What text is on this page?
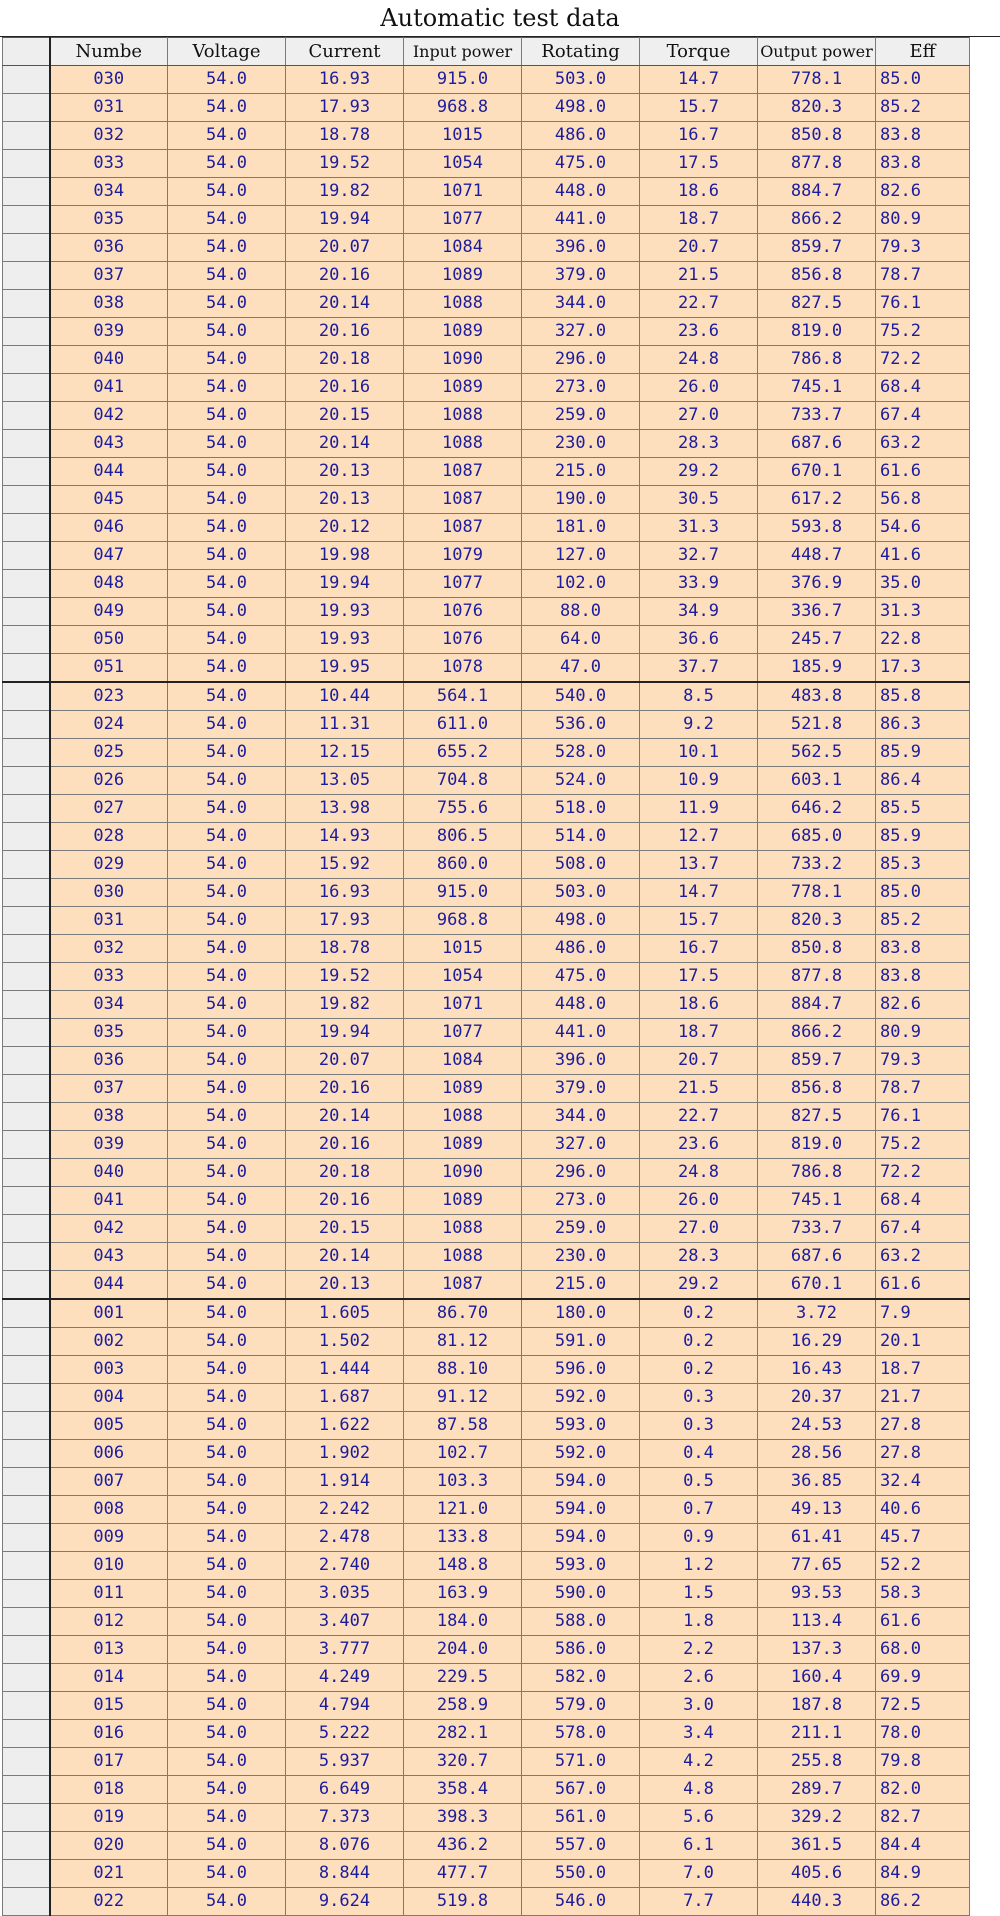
Automatic test data
	Numbe	Voltage	Current	Input power	Rotating	Torque	Output power	Eff
	030	54.0	16.93	915.0	503.0	14.7	778.1	85.0
	031	54.0	17.93	968.8	498.0	15.7	820.3	85.2
	032	54.0	18.78	1015	486.0	16.7	850.8	83.8
	033	54.0	19.52	1054	475.0	17.5	877.8	83.8
	034	54.0	19.82	1071	448.0	18.6	884.7	82.6
	035	54.0	19.94	1077	441.0	18.7	866.2	80.9
	036	54.0	20.07	1084	396.0	20.7	859.7	79.3
	037	54.0	20.16	1089	379.0	21.5	856.8	78.7
	038	54.0	20.14	1088	344.0	22.7	827.5	76.1
	039	54.0	20.16	1089	327.0	23.6	819.0	75.2
	040	54.0	20.18	1090	296.0	24.8	786.8	72.2
	041	54.0	20.16	1089	273.0	26.0	745.1	68.4
	042	54.0	20.15	1088	259.0	27.0	733.7	67.4
	043	54.0	20.14	1088	230.0	28.3	687.6	63.2
	044	54.0	20.13	1087	215.0	29.2	670.1	61.6
	045	54.0	20.13	1087	190.0	30.5	617.2	56.8
	046	54.0	20.12	1087	181.0	31.3	593.8	54.6
	047	54.0	19.98	1079	127.0	32.7	448.7	41.6
	048	54.0	19.94	1077	102.0	33.9	376.9	35.0
	049	54.0	19.93	1076	88.0	34.9	336.7	31.3
	050	54.0	19.93	1076	64.0	36.6	245.7	22.8
	051	54.0	19.95	1078	47.0	37.7	185.9	17.3
	023	54.0	10.44	564.1	540.0	8.5	483.8	85.8
	024	54.0	11.31	611.0	536.0	9.2	521.8	86.3
	025	54.0	12.15	655.2	528.0	10.1	562.5	85.9
	026	54.0	13.05	704.8	524.0	10.9	603.1	86.4
	027	54.0	13.98	755.6	518.0	11.9	646.2	85.5
	028	54.0	14.93	806.5	514.0	12.7	685.0	85.9
	029	54.0	15.92	860.0	508.0	13.7	733.2	85.3
	030	54.0	16.93	915.0	503.0	14.7	778.1	85.0
	031	54.0	17.93	968.8	498.0	15.7	820.3	85.2
	032	54.0	18.78	1015	486.0	16.7	850.8	83.8
	033	54.0	19.52	1054	475.0	17.5	877.8	83.8
	034	54.0	19.82	1071	448.0	18.6	884.7	82.6
	035	54.0	19.94	1077	441.0	18.7	866.2	80.9
	036	54.0	20.07	1084	396.0	20.7	859.7	79.3
	037	54.0	20.16	1089	379.0	21.5	856.8	78.7
	038	54.0	20.14	1088	344.0	22.7	827.5	76.1
	039	54.0	20.16	1089	327.0	23.6	819.0	75.2
	040	54.0	20.18	1090	296.0	24.8	786.8	72.2
	041	54.0	20.16	1089	273.0	26.0	745.1	68.4
	042	54.0	20.15	1088	259.0	27.0	733.7	67.4
	043	54.0	20.14	1088	230.0	28.3	687.6	63.2
	044	54.0	20.13	1087	215.0	29.2	670.1	61.6
	001	54.0	1.605	86.70	180.0	0.2	3.72	7.9
	002	54.0	1.502	81.12	591.0	0.2	16.29	20.1
	003	54.0	1.444	88.10	596.0	0.2	16.43	18.7
	004	54.0	1.687	91.12	592.0	0.3	20.37	21.7
	005	54.0	1.622	87.58	593.0	0.3	24.53	27.8
	006	54.0	1.902	102.7	592.0	0.4	28.56	27.8
	007	54.0	1.914	103.3	594.0	0.5	36.85	32.4
	008	54.0	2.242	121.0	594.0	0.7	49.13	40.6
	009	54.0	2.478	133.8	594.0	0.9	61.41	45.7
	010	54.0	2.740	148.8	593.0	1.2	77.65	52.2
	011	54.0	3.035	163.9	590.0	1.5	93.53	58.3
	012	54.0	3.407	184.0	588.0	1.8	113.4	61.6
	013	54.0	3.777	204.0	586.0	2.2	137.3	68.0
	014	54.0	4.249	229.5	582.0	2.6	160.4	69.9
	015	54.0	4.794	258.9	579.0	3.0	187.8	72.5
	016	54.0	5.222	282.1	578.0	3.4	211.1	78.0
	017	54.0	5.937	320.7	571.0	4.2	255.8	79.8
	018	54.0	6.649	358.4	567.0	4.8	289.7	82.0
	019	54.0	7.373	398.3	561.0	5.6	329.2	82.7
	020	54.0	8.076	436.2	557.0	6.1	361.5	84.4
	021	54.0	8.844	477.7	550.0	7.0	405.6	84.9
	022	54.0	9.624	519.8	546.0	7.7	440.3	86.2
